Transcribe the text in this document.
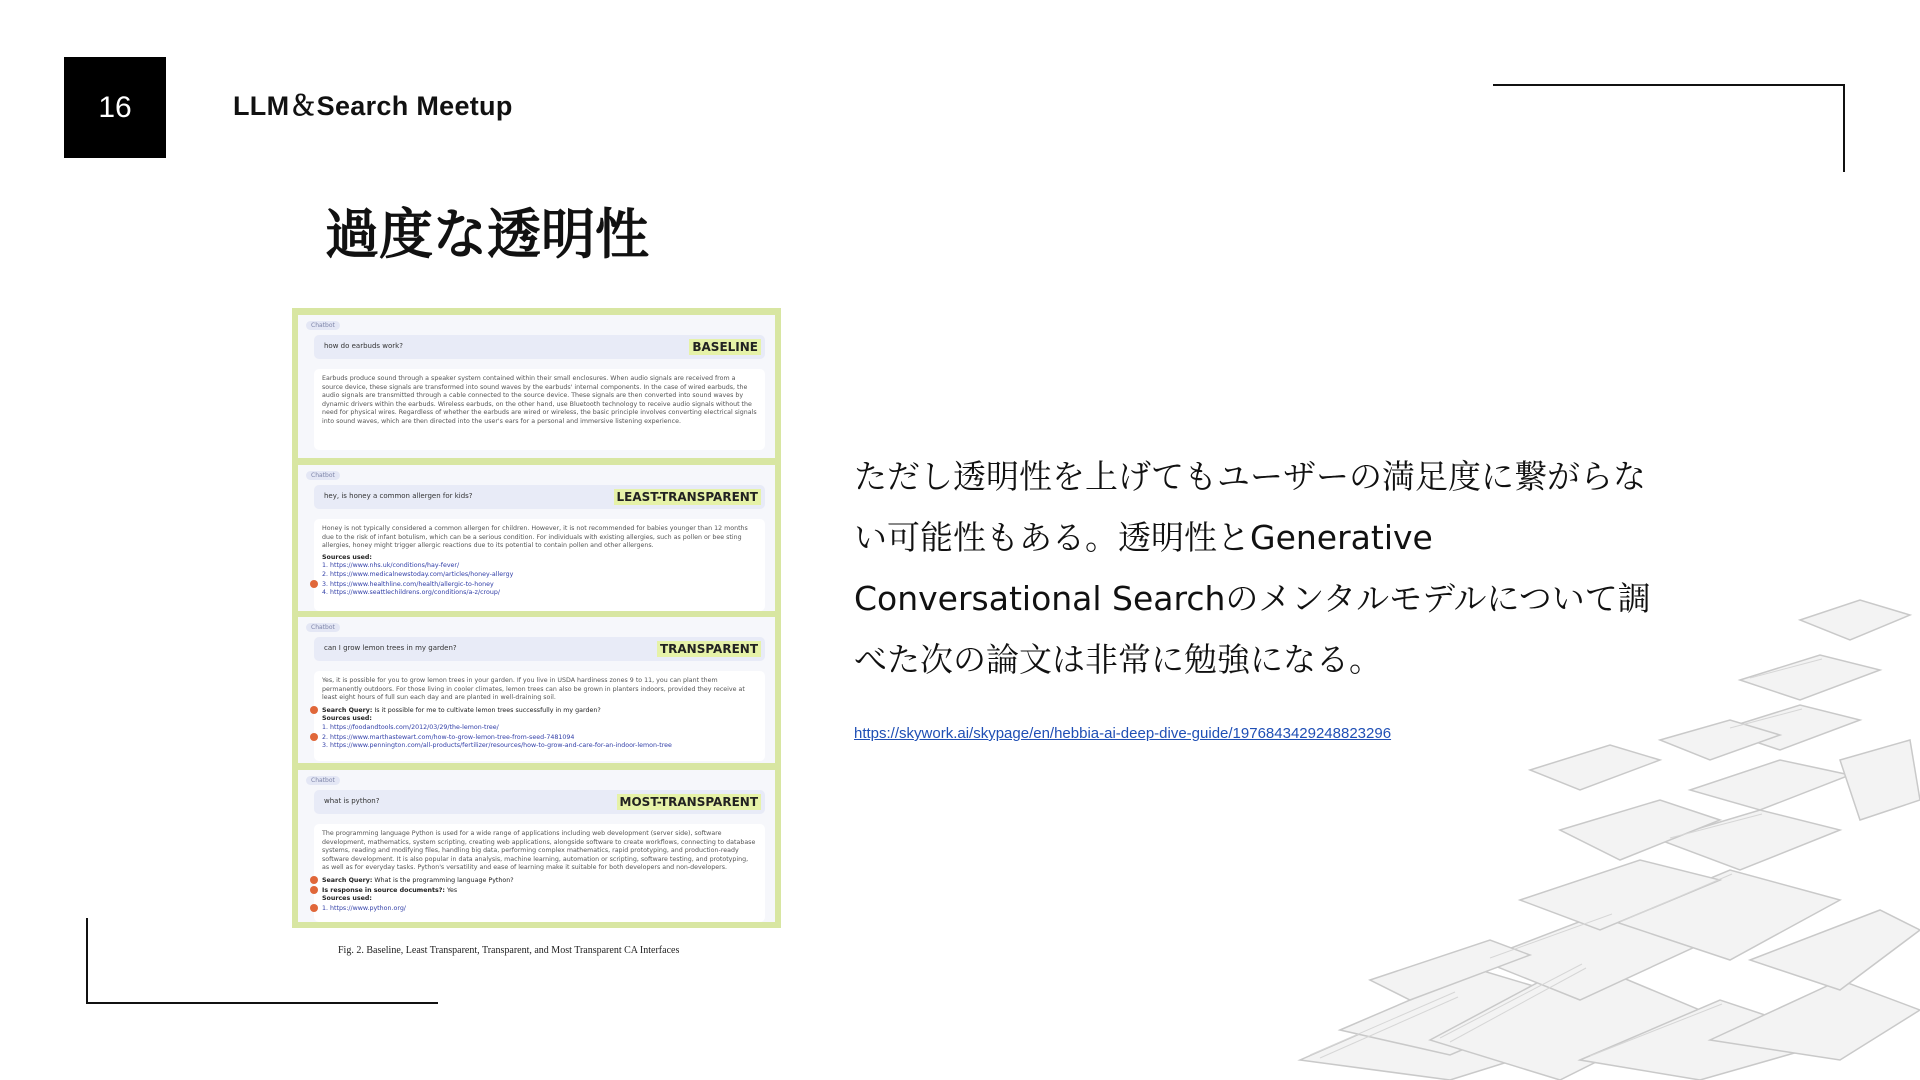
16	LLM＆Search Meetup
過度な透明性
Chatbot
how do earbuds work?	BASELINE
Earbuds produce sound through a speaker system contained within their small enclosures. When audio signals are received from a source device, these signals are transformed into sound waves by the earbuds' internal components. In the case of wired earbuds, the audio signals are transmitted through a cable connected to the source device. These signals are then converted into sound waves by dynamic drivers within the earbuds. Wireless earbuds, on the other hand, use Bluetooth technology to receive audio signals without the need for physical wires. Regardless of whether the earbuds are wired or wireless, the basic principle involves converting electrical signals into sound waves, which are then directed into the user's ears for a personal and immersive listening experience.
Chatbot
hey, is honey a common allergen for kids?	LEAST-TRANSPARENT
Honey is not typically considered a common allergen for children. However, it is not recommended for babies younger than 12 months due to the risk of infant botulism, which can be a serious condition. For individuals with existing allergies, such as pollen or bee sting allergies, honey might trigger allergic reactions due to its potential to contain pollen and other allergens.
Sources used:
1. https://www.nhs.uk/conditions/hay-fever/
2. https://www.medicalnewstoday.com/articles/honey-allergy
3. https://www.healthline.com/health/allergic-to-honey
4. https://www.seattlechildrens.org/conditions/a-z/croup/
Chatbot
can I grow lemon trees in my garden?	TRANSPARENT
Yes, it is possible for you to grow lemon trees in your garden. If you live in USDA hardiness zones 9 to 11, you can plant them permanently outdoors. For those living in cooler climates, lemon trees can also be grown in planters indoors, provided they receive at least eight hours of full sun each day and are planted in well-draining soil.
Search Query: Is it possible for me to cultivate lemon trees successfully in my garden?
Sources used:
1. https://foodandtools.com/2012/03/29/the-lemon-tree/
2. https://www.marthastewart.com/how-to-grow-lemon-tree-from-seed-7481094
3. https://www.pennington.com/all-products/fertilizer/resources/how-to-grow-and-care-for-an-indoor-lemon-tree
Chatbot
what is python?	MOST-TRANSPARENT
The programming language Python is used for a wide range of applications including web development (server side), software development, mathematics, system scripting, creating web applications, alongside software to create workflows, connecting to database systems, reading and modifying files, handling big data, performing complex mathematics, rapid prototyping, and production-ready software development. It is also popular in data analysis, machine learning, automation or scripting, software testing, and prototyping, as well as for everyday tasks. Python's versatility and ease of learning make it suitable for both developers and non-developers.
Search Query: What is the programming language Python?
Is response in source documents?: Yes
Sources used:
1. https://www.python.org/
Fig. 2. Baseline, Least Transparent, Transparent, and Most Transparent CA Interfaces
ただし透明性を上げてもユーザーの満足度に繋がらない可能性もある。透明性とGenerative Conversational Searchのメンタルモデルについて調べた次の論文は非常に勉強になる。
https://skywork.ai/skypage/en/hebbia-ai-deep-dive-guide/1976843429248823296
